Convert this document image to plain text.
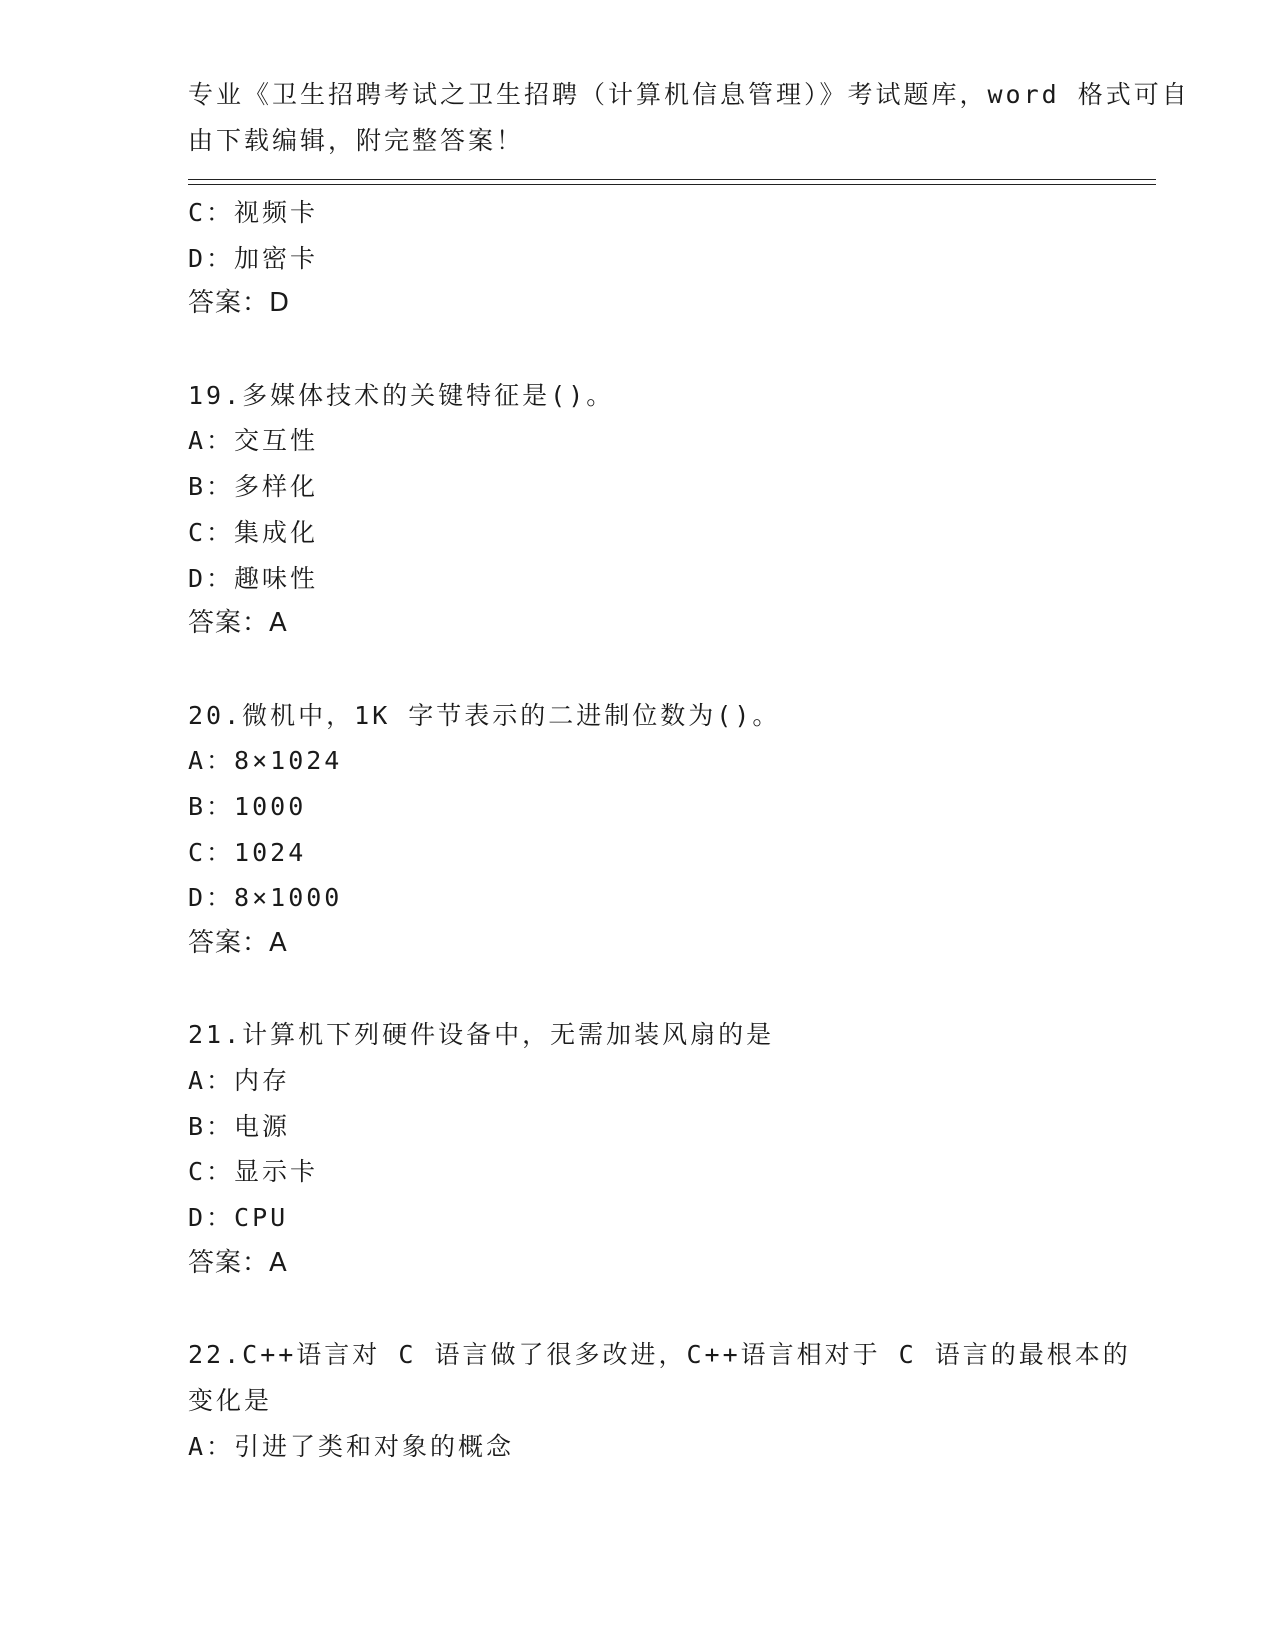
专业《卫生招聘考试之卫生招聘（计算机信息管理）》考试题库，word 格式可自
由下载编辑，附完整答案！
C：视频卡
D：加密卡
答案：D
19.多媒体技术的关键特征是()。
A：交互性
B：多样化
C：集成化
D：趣味性
答案：A
20.微机中，1K 字节表示的二进制位数为()。
A：8×1024
B：1000
C：1024
D：8×1000
答案：A
21.计算机下列硬件设备中，无需加装风扇的是
A：内存
B：电源
C：显示卡
D：CPU
答案：A
22.C++语言对 C 语言做了很多改进，C++语言相对于 C 语言的最根本的
变化是
A：引进了类和对象的概念
